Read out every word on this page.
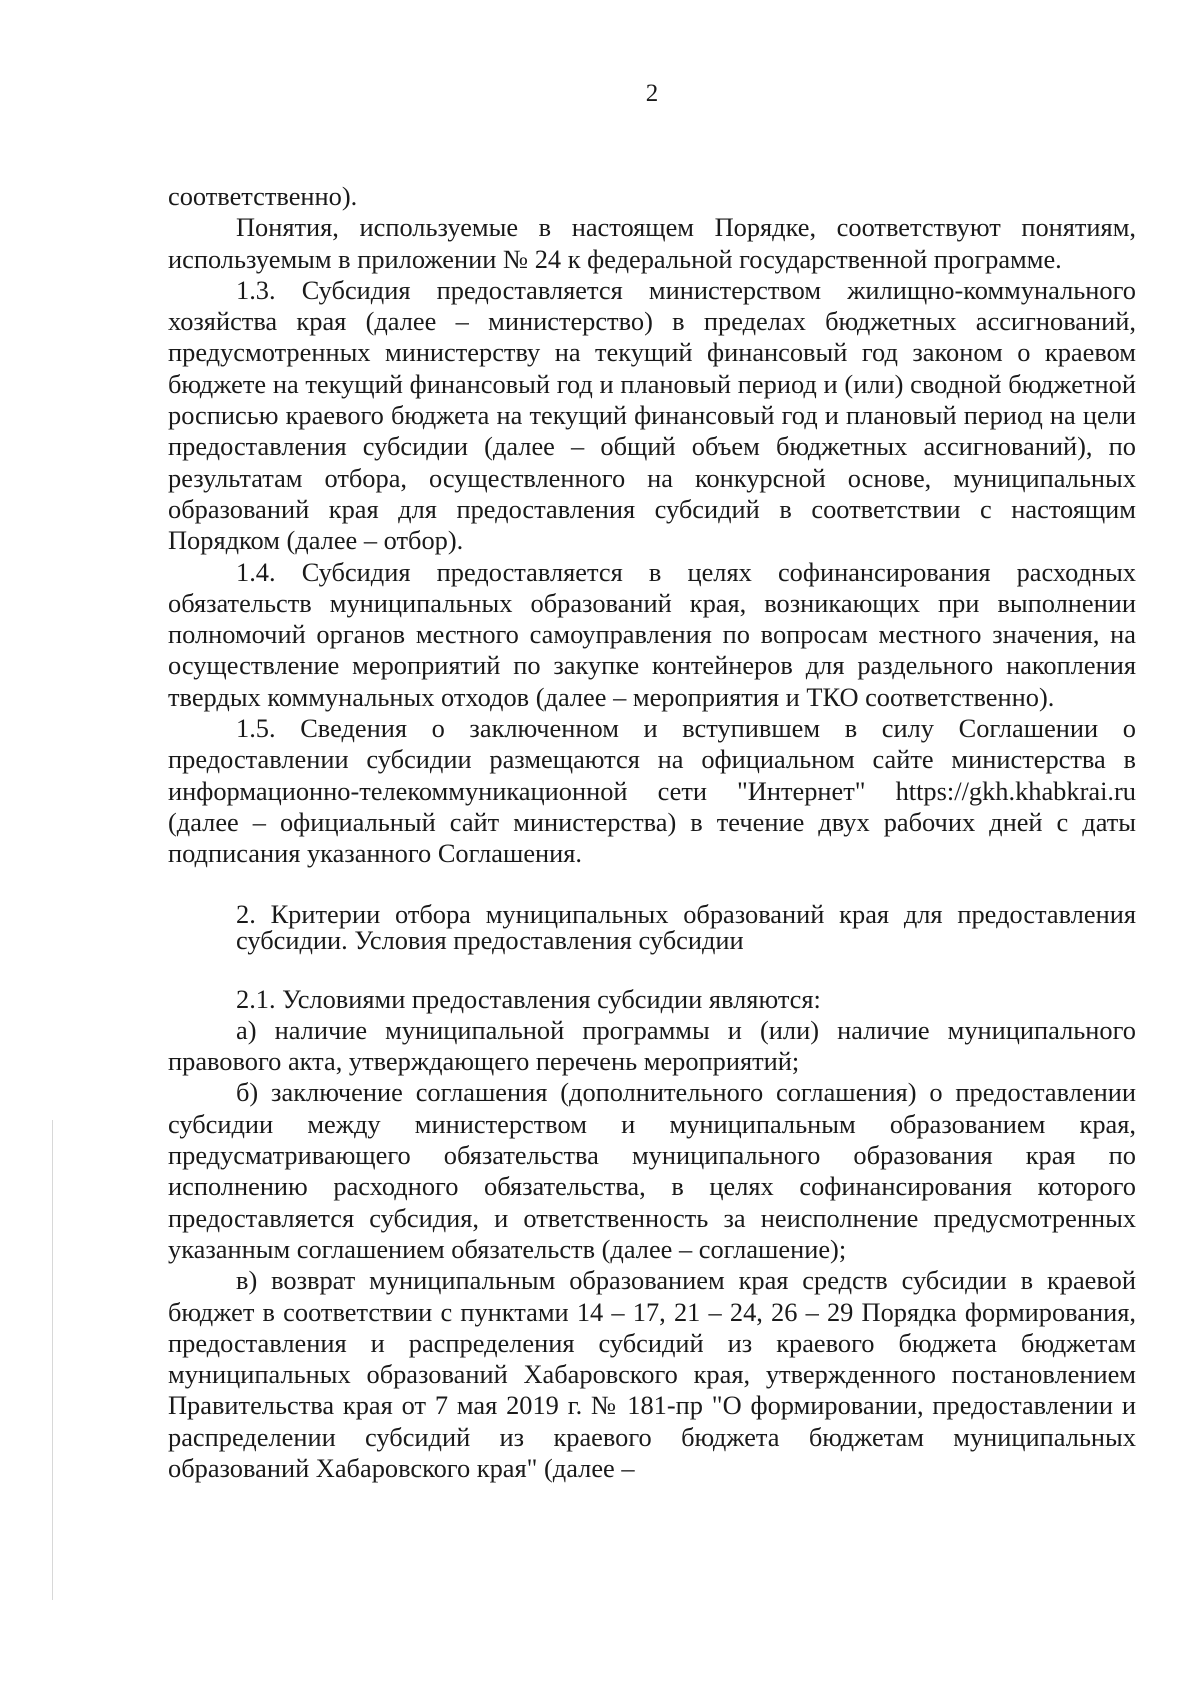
2

соответственно).

Понятия, используемые в настоящем Порядке, соответствуют понятиям, используемым в приложении № 24 к федеральной государственной программе.

1.3. Субсидия предоставляется министерством жилищно-коммунального хозяйства края (далее – министерство) в пределах бюджетных ассигнований, предусмотренных министерству на текущий финансовый год законом о краевом бюджете на текущий финансовый год и плановый период и (или) сводной бюджетной росписью краевого бюджета на текущий финансовый год и плановый период на цели предоставления субсидии (далее – общий объем бюджетных ассигнований), по результатам отбора, осуществленного на конкурсной основе, муниципальных образований края для предоставления субсидий в соответствии с настоящим Порядком (далее – отбор).

1.4. Субсидия предоставляется в целях софинансирования расходных обязательств муниципальных образований края, возникающих при выполнении полномочий органов местного самоуправления по вопросам местного значения, на осуществление мероприятий по закупке контейнеров для раздельного накопления твердых коммунальных отходов (далее – мероприятия и ТКО соответственно).

1.5. Сведения о заключенном и вступившем в силу Соглашении о предоставлении субсидии размещаются на официальном сайте министерства в информационно-телекоммуникационной сети "Интернет" https://gkh.khabkrai.ru (далее – официальный сайт министерства) в течение двух рабочих дней с даты подписания указанного Соглашения.

2. Критерии отбора муниципальных образований края для предоставления субсидии. Условия предоставления субсидии

2.1. Условиями предоставления субсидии являются:

а) наличие муниципальной программы и (или) наличие муниципального правового акта, утверждающего перечень мероприятий;

б) заключение соглашения (дополнительного соглашения) о предоставлении субсидии между министерством и муниципальным образованием края, предусматривающего обязательства муниципального образования края по исполнению расходного обязательства, в целях софинансирования которого предоставляется субсидия, и ответственность за неисполнение предусмотренных указанным соглашением обязательств (далее – соглашение);

в) возврат муниципальным образованием края средств субсидии в краевой бюджет в соответствии с пунктами 14 – 17, 21 – 24, 26 – 29 Порядка формирования, предоставления и распределения субсидий из краевого бюджета бюджетам муниципальных образований Хабаровского края, утвержденного постановлением Правительства края от 7 мая 2019 г. № 181-пр "О формировании, предоставлении и распределении субсидий из краевого бюджета бюджетам муниципальных образований Хабаровского края" (далее –
